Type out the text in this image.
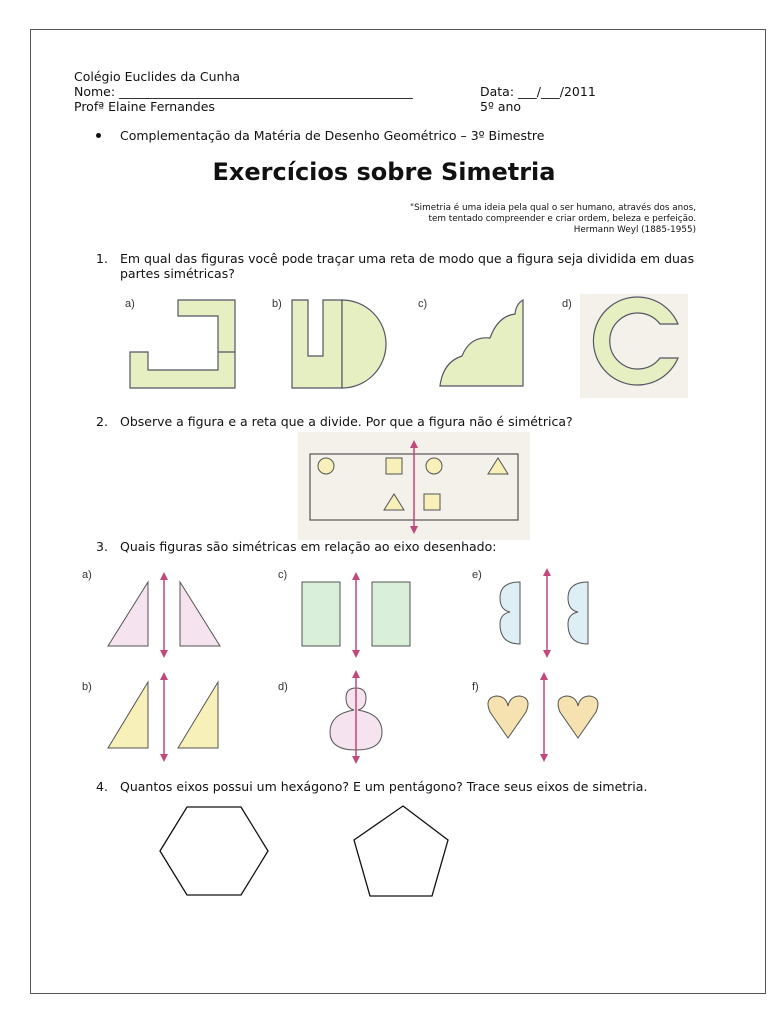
Colégio Euclides da Cunha
Nome: _______________________________________________
Profª Elaine Fernandes
Data: ___/___/2011
5º ano
Complementação da Matéria de Desenho Geométrico – 3º Bimestre
Exercícios sobre Simetria
"Simetria é uma ideia pela qual o ser humano, através dos anos,
tem tentado compreender e criar ordem, beleza e perfeição.
Hermann Weyl (1885-1955)
1. Em qual das figuras você pode traçar uma reta de modo que a figura seja dividida em duas partes simétricas?
a)	b)	c)	d)
2. Observe a figura e a reta que a divide. Por que a figura não é simétrica?
3. Quais figuras são simétricas em relação ao eixo desenhado:
a)	c)	e)
b)	d)	f)
4. Quantos eixos possui um hexágono? E um pentágono? Trace seus eixos de simetria.
